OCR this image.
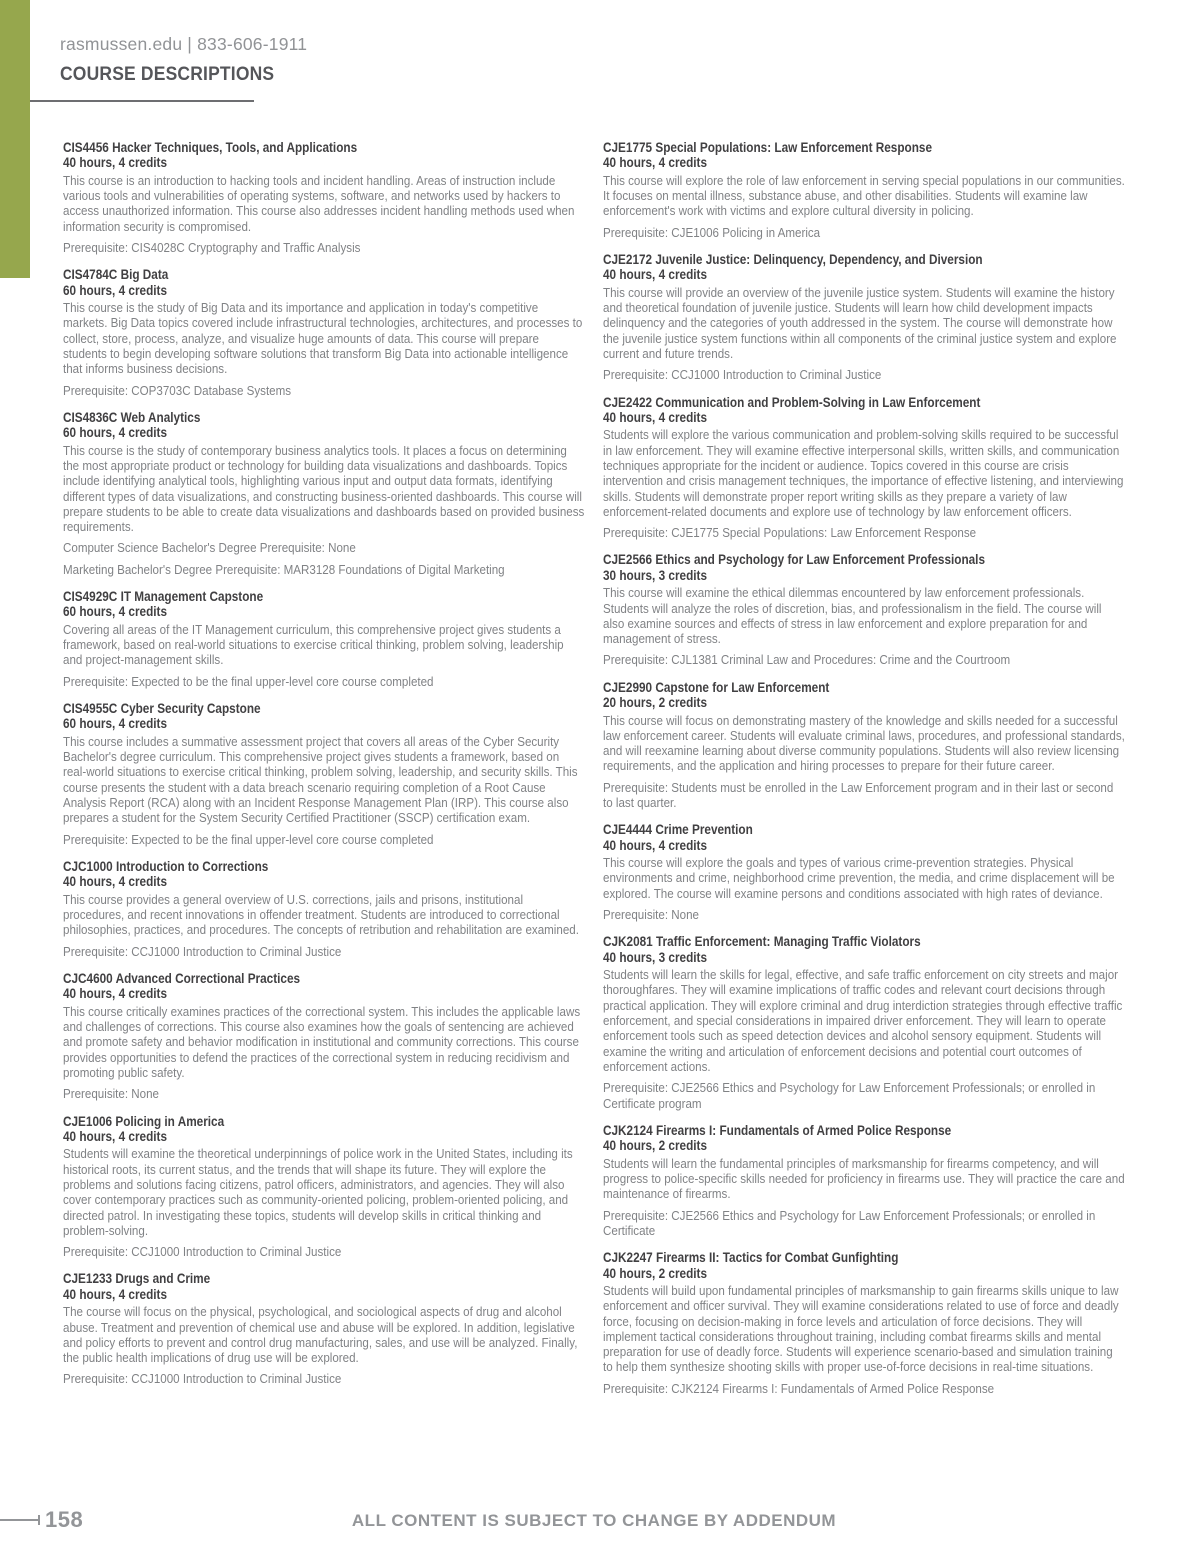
rasmussen.edu | 833-606-1911
COURSE DESCRIPTIONS
CIS4456 Hacker Techniques, Tools, and Applications
40 hours, 4 credits

This course is an introduction to hacking tools and incident handling. Areas of instruction include various tools and vulnerabilities of operating systems, software, and networks used by hackers to access unauthorized information. This course also addresses incident handling methods used when information security is compromised.

Prerequisite: CIS4028C Cryptography and Traffic Analysis

CIS4784C Big Data
60 hours, 4 credits

This course is the study of Big Data and its importance and application in today's competitive markets. Big Data topics covered include infrastructural technologies, architectures, and processes to collect, store, process, analyze, and visualize huge amounts of data. This course will prepare students to begin developing software solutions that transform Big Data into actionable intelligence that informs business decisions.

Prerequisite: COP3703C Database Systems

CIS4836C Web Analytics
60 hours, 4 credits

This course is the study of contemporary business analytics tools. It places a focus on determining the most appropriate product or technology for building data visualizations and dashboards. Topics include identifying analytical tools, highlighting various input and output data formats, identifying different types of data visualizations, and constructing business-oriented dashboards. This course will prepare students to be able to create data visualizations and dashboards based on provided business requirements.

Computer Science Bachelor's Degree Prerequisite: None

Marketing Bachelor's Degree Prerequisite: MAR3128 Foundations of Digital Marketing

CIS4929C IT Management Capstone
60 hours, 4 credits

Covering all areas of the IT Management curriculum, this comprehensive project gives students a framework, based on real-world situations to exercise critical thinking, problem solving, leadership and project-management skills.

Prerequisite: Expected to be the final upper-level core course completed

CIS4955C Cyber Security Capstone
60 hours, 4 credits

This course includes a summative assessment project that covers all areas of the Cyber Security Bachelor's degree curriculum. This comprehensive project gives students a framework, based on real-world situations to exercise critical thinking, problem solving, leadership, and security skills. This course presents the student with a data breach scenario requiring completion of a Root Cause Analysis Report (RCA) along with an Incident Response Management Plan (IRP). This course also prepares a student for the System Security Certified Practitioner (SSCP) certification exam.

Prerequisite: Expected to be the final upper-level core course completed

CJC1000 Introduction to Corrections
40 hours, 4 credits

This course provides a general overview of U.S. corrections, jails and prisons, institutional procedures, and recent innovations in offender treatment. Students are introduced to correctional philosophies, practices, and procedures. The concepts of retribution and rehabilitation are examined.

Prerequisite: CCJ1000 Introduction to Criminal Justice

CJC4600 Advanced Correctional Practices
40 hours, 4 credits

This course critically examines practices of the correctional system. This includes the applicable laws and challenges of corrections. This course also examines how the goals of sentencing are achieved and promote safety and behavior modification in institutional and community corrections. This course provides opportunities to defend the practices of the correctional system in reducing recidivism and promoting public safety.

Prerequisite: None

CJE1006 Policing in America
40 hours, 4 credits

Students will examine the theoretical underpinnings of police work in the United States, including its historical roots, its current status, and the trends that will shape its future. They will explore the problems and solutions facing citizens, patrol officers, administrators, and agencies. They will also cover contemporary practices such as community-oriented policing, problem-oriented policing, and directed patrol. In investigating these topics, students will develop skills in critical thinking and problem-solving.

Prerequisite: CCJ1000 Introduction to Criminal Justice

CJE1233 Drugs and Crime
40 hours, 4 credits

The course will focus on the physical, psychological, and sociological aspects of drug and alcohol abuse. Treatment and prevention of chemical use and abuse will be explored. In addition, legislative and policy efforts to prevent and control drug manufacturing, sales, and use will be analyzed. Finally, the public health implications of drug use will be explored.

Prerequisite: CCJ1000 Introduction to Criminal Justice

CJE1775 Special Populations: Law Enforcement Response
40 hours, 4 credits

This course will explore the role of law enforcement in serving special populations in our communities. It focuses on mental illness, substance abuse, and other disabilities. Students will examine law enforcement's work with victims and explore cultural diversity in policing.

Prerequisite: CJE1006 Policing in America

CJE2172 Juvenile Justice: Delinquency, Dependency, and Diversion
40 hours, 4 credits

This course will provide an overview of the juvenile justice system. Students will examine the history and theoretical foundation of juvenile justice. Students will learn how child development impacts delinquency and the categories of youth addressed in the system. The course will demonstrate how the juvenile justice system functions within all components of the criminal justice system and explore current and future trends.

Prerequisite: CCJ1000 Introduction to Criminal Justice

CJE2422 Communication and Problem-Solving in Law Enforcement
40 hours, 4 credits

Students will explore the various communication and problem-solving skills required to be successful in law enforcement. They will examine effective interpersonal skills, written skills, and communication techniques appropriate for the incident or audience. Topics covered in this course are crisis intervention and crisis management techniques, the importance of effective listening, and interviewing skills. Students will demonstrate proper report writing skills as they prepare a variety of law enforcement-related documents and explore use of technology by law enforcement officers.

Prerequisite: CJE1775 Special Populations: Law Enforcement Response

CJE2566 Ethics and Psychology for Law Enforcement Professionals
30 hours, 3 credits

This course will examine the ethical dilemmas encountered by law enforcement professionals. Students will analyze the roles of discretion, bias, and professionalism in the field. The course will also examine sources and effects of stress in law enforcement and explore preparation for and management of stress.

Prerequisite: CJL1381 Criminal Law and Procedures: Crime and the Courtroom

CJE2990 Capstone for Law Enforcement
20 hours, 2 credits

This course will focus on demonstrating mastery of the knowledge and skills needed for a successful law enforcement career. Students will evaluate criminal laws, procedures, and professional standards, and will reexamine learning about diverse community populations. Students will also review licensing requirements, and the application and hiring processes to prepare for their future career.

Prerequisite: Students must be enrolled in the Law Enforcement program and in their last or second to last quarter.

CJE4444 Crime Prevention
40 hours, 4 credits

This course will explore the goals and types of various crime-prevention strategies. Physical environments and crime, neighborhood crime prevention, the media, and crime displacement will be explored. The course will examine persons and conditions associated with high rates of deviance.

Prerequisite: None

CJK2081 Traffic Enforcement: Managing Traffic Violators
40 hours, 3 credits

Students will learn the skills for legal, effective, and safe traffic enforcement on city streets and major thoroughfares. They will examine implications of traffic codes and relevant court decisions through practical application. They will explore criminal and drug interdiction strategies through effective traffic enforcement, and special considerations in impaired driver enforcement. They will learn to operate enforcement tools such as speed detection devices and alcohol sensory equipment. Students will examine the writing and articulation of enforcement decisions and potential court outcomes of enforcement actions.

Prerequisite: CJE2566 Ethics and Psychology for Law Enforcement Professionals; or enrolled in Certificate program

CJK2124 Firearms I: Fundamentals of Armed Police Response
40 hours, 2 credits

Students will learn the fundamental principles of marksmanship for firearms competency, and will progress to police-specific skills needed for proficiency in firearms use. They will practice the care and maintenance of firearms.

Prerequisite: CJE2566 Ethics and Psychology for Law Enforcement Professionals; or enrolled in Certificate

CJK2247 Firearms II: Tactics for Combat Gunfighting
40 hours, 2 credits

Students will build upon fundamental principles of marksmanship to gain firearms skills unique to law enforcement and officer survival. They will examine considerations related to use of force and deadly force, focusing on decision-making in force levels and articulation of force decisions. They will implement tactical considerations throughout training, including combat firearms skills and mental preparation for use of deadly force. Students will experience scenario-based and simulation training to help them synthesize shooting skills with proper use-of-force decisions in real-time situations.

Prerequisite: CJK2124 Firearms I: Fundamentals of Armed Police Response

158	ALL CONTENT IS SUBJECT TO CHANGE BY ADDENDUM
